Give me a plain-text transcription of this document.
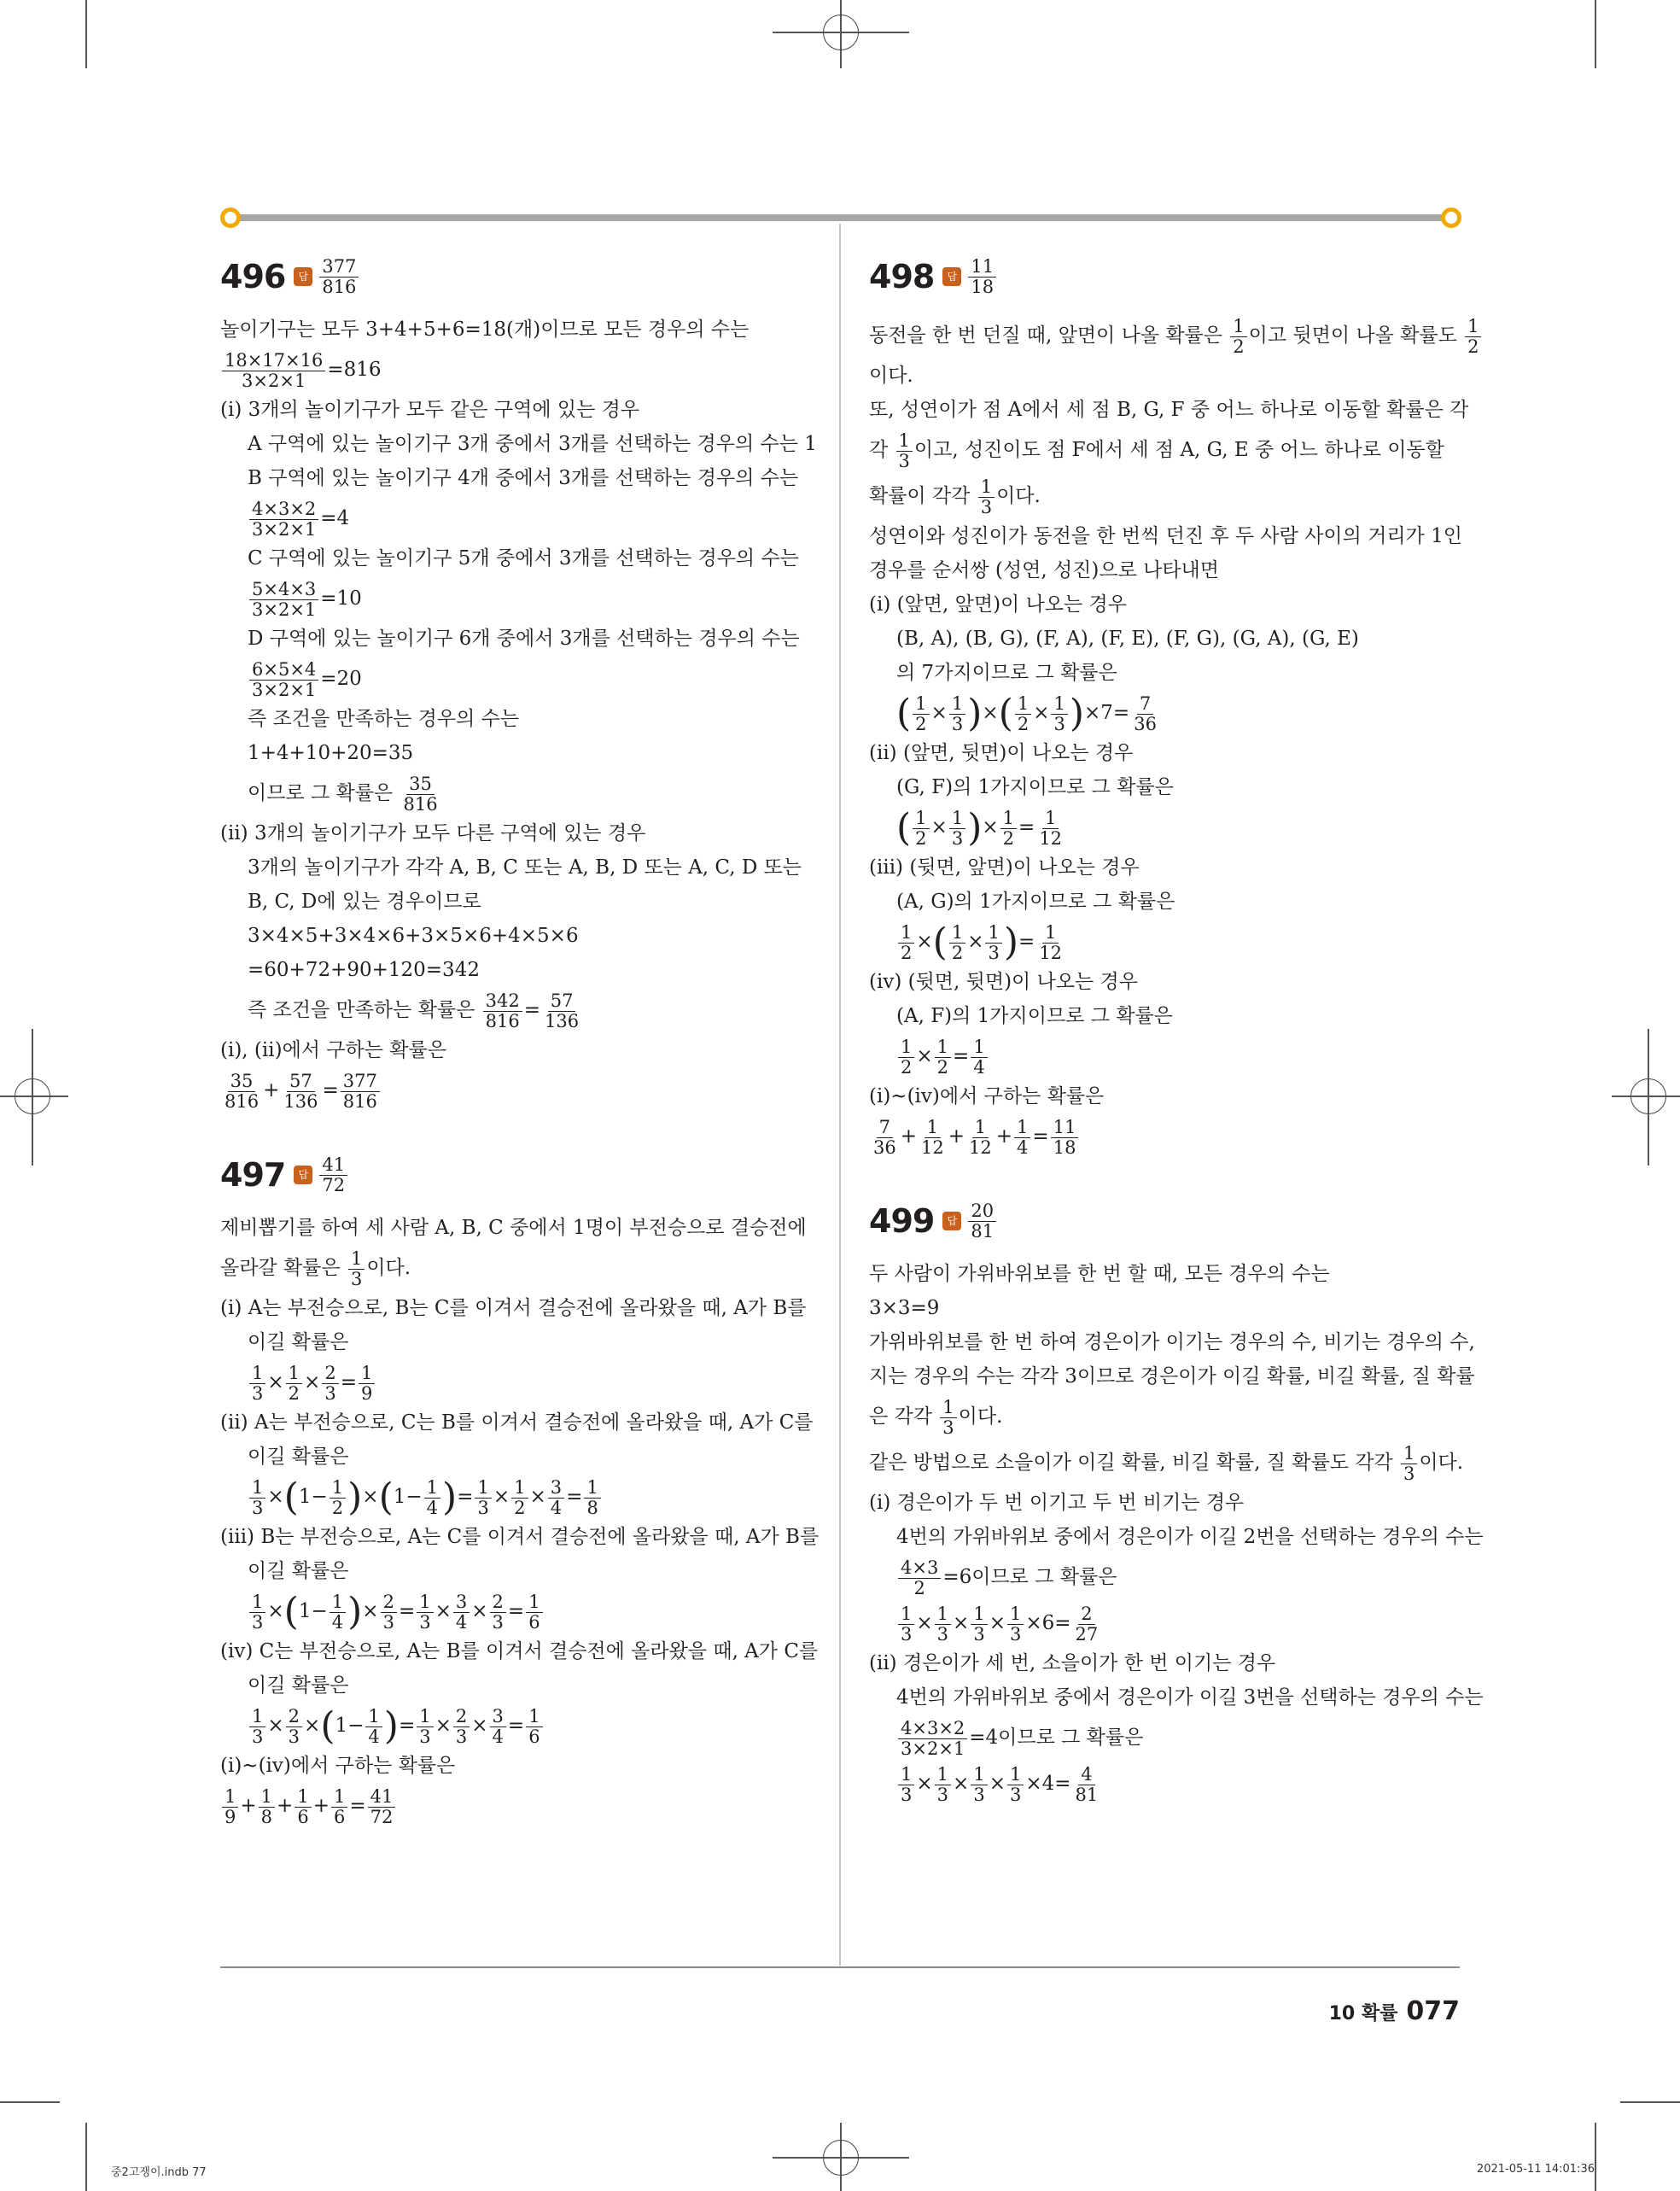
496 답 $\frac{377}{816}$
놀이기구는 모두 3+4+5+6=18(개)이므로 모든 경우의 수는
$\frac{18\times 17\times 16}{3\times 2\times 1} =816$
(ⅰ) 3개의 놀이기구가 모두 같은 구역에 있는 경우
A 구역에 있는 놀이기구 3개 중에서 3개를 선택하는 경우의 수는 1
B 구역에 있는 놀이기구 4개 중에서 3개를 선택하는 경우의 수는
$\frac{4\times 3\times 2}{3\times 2\times 1} =4$
C 구역에 있는 놀이기구 5개 중에서 3개를 선택하는 경우의 수는
$\frac{5\times 4\times 3}{3\times 2\times 1} =10$
D 구역에 있는 놀이기구 6개 중에서 3개를 선택하는 경우의 수는
$\frac{6\times 5\times 4}{3\times 2\times 1} =20$
즉 조건을 만족하는 경우의 수는
1+4+10+20=35
이므로 그 확률은 $\frac{35}{816}$
(ⅱ) 3개의 놀이기구가 모두 다른 구역에 있는 경우
3개의 놀이기구가 각각 A, B, C 또는 A, B, D 또는 A, C, D 또는
B, C, D에 있는 경우이므로
3×4×5+3×4×6+3×5×6+4×5×6
=60+72+90+120=342
즉 조건을 만족하는 확률은 $\frac{342}{816} = \frac{57}{136}$
(ⅰ), (ⅱ)에서 구하는 확률은
$\frac{35}{816} + \frac{57}{136} = \frac{377}{816}$
497 답 $\frac{41}{72}$
제비뽑기를 하여 세 사람 A, B, C 중에서 1명이 부전승으로 결승전에
올라갈 확률은 $\frac{1}{3}$ 이다.
(ⅰ) A는 부전승으로, B는 C를 이겨서 결승전에 올라왔을 때, A가 B를
이길 확률은
$\frac{1}{3} \times \frac{1}{2} \times \frac{2}{3} = \frac{1}{9}$
(ⅱ) A는 부전승으로, C는 B를 이겨서 결승전에 올라왔을 때, A가 C를
이길 확률은
$\frac{1}{3} \times(1- \frac{1}{2} )\times(1- \frac{1}{4}$ )= $\frac{1}{3} \times \frac{1}{2} \times \frac{3}{4} = \frac{1}{8}$
(ⅲ) B는 부전승으로, A는 C를 이겨서 결승전에 올라왔을 때, A가 B를
이길 확률은
$\frac{1}{3} \times(1- \frac{1}{4}$ )× $\frac{2}{3} = \frac{1}{3} \times \frac{3}{4} \times \frac{2}{3} = \frac{1}{6}$
(ⅳ) C는 부전승으로, A는 B를 이겨서 결승전에 올라왔을 때, A가 C를
이길 확률은
$\frac{1}{3} \times \frac{2}{3} \times(1- \frac{1}{4}$ )= $\frac{1}{3} \times \frac{2}{3} \times \frac{3}{4} = \frac{1}{6}$
(ⅰ)~(ⅳ)에서 구하는 확률은
$\frac{1}{9} + \frac{1}{8} + \frac{1}{6} + \frac{1}{6} = \frac{41}{72}$
498 답 $\frac{11}{18}$
동전을 한 번 던질 때, 앞면이 나올 확률은 $\frac{1}{2}$ 이고 뒷면이 나올 확률도 $\frac{1}{2}$
이다.
또, 성연이가 점 A에서 세 점 B, G, F 중 어느 하나로 이동할 확률은 각
각 $\frac{1}{3}$ 이고, 성진이도 점 F에서 세 점 A, G, E 중 어느 하나로 이동할
확률이 각각 $\frac{1}{3}$ 이다.
성연이와 성진이가 동전을 한 번씩 던진 후 두 사람 사이의 거리가 1인
경우를 순서쌍 (성연, 성진)으로 나타내면
(ⅰ) (앞면, 앞면)이 나오는 경우
(B, A), (B, G), (F, A), (F, E), (F, G), (G, A), (G, E)
의 7가지이므로 그 확률은
( $\frac{1}{2} \times \frac{1}{3}$ )×( $\frac{1}{2} \times \frac{1}{3} )\times 7= \frac{7}{36}$
(ⅱ) (앞면, 뒷면)이 나오는 경우
(G, F)의 1가지이므로 그 확률은
( $\frac{1}{2} \times \frac{1}{3}$ )× $\frac{1}{2} = \frac{1}{12}$
(ⅲ) (뒷면, 앞면)이 나오는 경우
(A, G)의 1가지이므로 그 확률은
$\frac{1}{2}$ ×( $\frac{1}{2} \times \frac{1}{3}$ )= $\frac{1}{12}$
(ⅳ) (뒷면, 뒷면)이 나오는 경우
(A, F)의 1가지이므로 그 확률은
$\frac{1}{2} \times \frac{1}{2} = \frac{1}{4}$
(ⅰ)~(ⅳ)에서 구하는 확률은
$\frac{7}{36} + \frac{1}{12} + \frac{1}{12} + \frac{1}{4} = \frac{11}{18}$
499 답 $\frac{20}{81}$
두 사람이 가위바위보를 한 번 할 때, 모든 경우의 수는
3×3=9
가위바위보를 한 번 하여 경은이가 이기는 경우의 수, 비기는 경우의 수,
지는 경우의 수는 각각 3이므로 경은이가 이길 확률, 비길 확률, 질 확률
은 각각 $\frac{1}{3}$ 이다.
같은 방법으로 소을이가 이길 확률, 비길 확률, 질 확률도 각각 $\frac{1}{3}$ 이다.
(ⅰ) 경은이가 두 번 이기고 두 번 비기는 경우
4번의 가위바위보 중에서 경은이가 이길 2번을 선택하는 경우의 수는
$\frac{4\times 3}{2} =6$이므로 그 확률은
$\frac{1}{3} \times \frac{1}{3} \times \frac{1}{3} \times \frac{1}{3} \times 6= \frac{2}{27}$
(ⅱ) 경은이가 세 번, 소을이가 한 번 이기는 경우
4번의 가위바위보 중에서 경은이가 이길 3번을 선택하는 경우의 수는
$\frac{4\times 3\times 2}{3\times 2\times 1} =4$이므로 그 확률은
$\frac{1}{3} \times \frac{1}{3} \times \frac{1}{3} \times \frac{1}{3} \times 4= \frac{4}{81}$
10 확률 077
중2고쟁이.indb 77	2021-05-11 ⁠14:01:36
